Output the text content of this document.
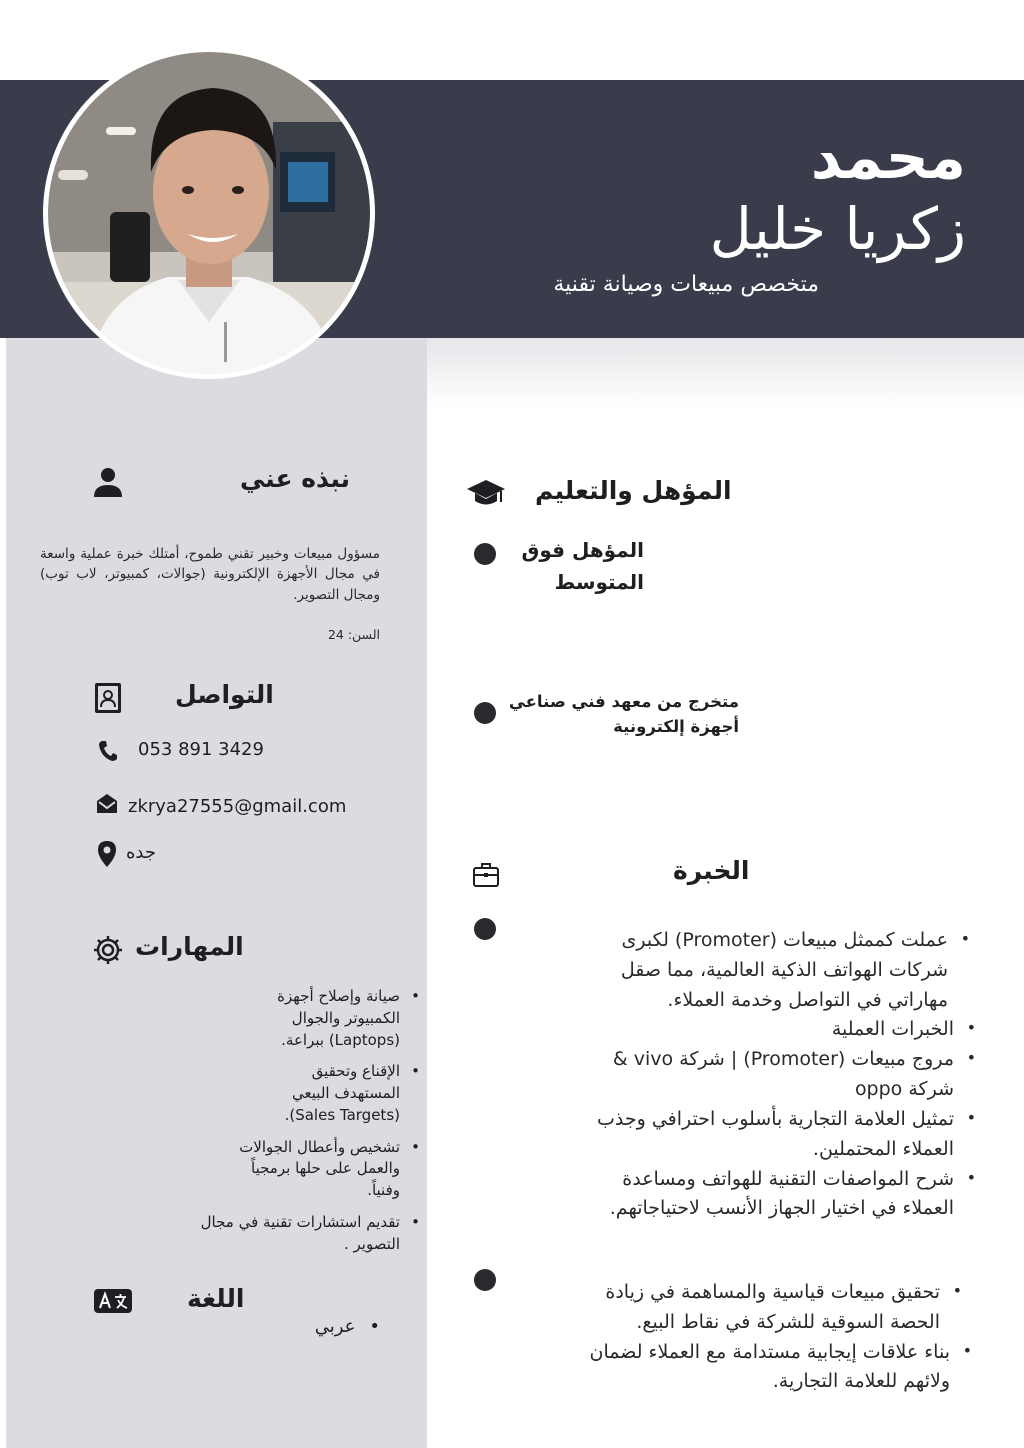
محمد
زكريا خليل
متخصص مبيعات وصيانة تقنية
نبذه عني
مسؤول مبيعات وخبير تقني طموح، أمتلك خبرة عملية واسعة في مجال الأجهزة الإلكترونية (جوالات، كمبيوتر، لاب توب) ومجال التصوير.
السن: 24
التواصل
053 891 3429
zkrya27555@gmail.com
جده
المهارات
• صيانة وإصلاح أجهزة الكمبيوتر والجوال (Laptops) ببراعة.
• الإقناع وتحقيق المستهدف البيعي (Sales Targets).
• تشخيص وأعطال الجوالات والعمل على حلها برمجياً وفنياً.
• تقديم استشارات تقنية في مجال التصوير .
اللغة
• عربي
المؤهل والتعليم
المؤهل فوق المتوسط
متخرج من معهد فني صناعي أجهزة إلكترونية
الخبرة
• عملت كممثل مبيعات (Promoter) لكبرى شركات الهواتف الذكية العالمية، مما صقل مهاراتي في التواصل وخدمة العملاء.
• الخبرات العملية
• مروج مبيعات (Promoter) | شركة vivo & شركة oppo
• تمثيل العلامة التجارية بأسلوب احترافي وجذب العملاء المحتملين.
• شرح المواصفات التقنية للهواتف ومساعدة العملاء في اختيار الجهاز الأنسب لاحتياجاتهم.
• تحقيق مبيعات قياسية والمساهمة في زيادة الحصة السوقية للشركة في نقاط البيع.
• بناء علاقات إيجابية مستدامة مع العملاء لضمان ولائهم للعلامة التجارية.
